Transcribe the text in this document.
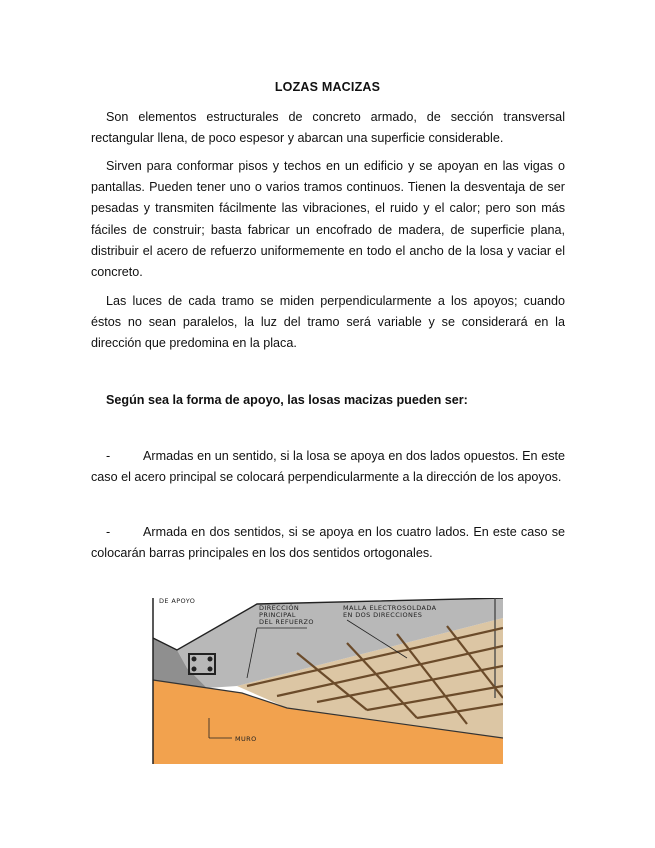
LOZAS MACIZAS

Son elementos estructurales de concreto armado, de sección transversal rectangular llena, de poco espesor y abarcan una superficie considerable.

Sirven para conformar pisos y techos en un edificio y se apoyan en las vigas o pantallas. Pueden tener uno o varios tramos continuos. Tienen la desventaja de ser pesadas y transmiten fácilmente las vibraciones, el ruido y el calor; pero son más fáciles de construir; basta fabricar un encofrado de madera, de superficie plana, distribuir el acero de refuerzo uniformemente en todo el ancho de la losa y vaciar el concreto.

Las luces de cada tramo se miden perpendicularmente a los apoyos; cuando éstos no sean paralelos, la luz del tramo será variable y se considerará en la dirección que predomina en la placa.

Según sea la forma de apoyo, las losas macizas pueden ser:

-	Armadas en un sentido, si la losa se apoya en dos lados opuestos. En este caso el acero principal se colocará perpendicularmente a la dirección de los apoyos.

-	Armada en dos sentidos, si se apoya en los cuatro lados. En este caso se colocarán barras principales en los dos sentidos ortogonales.

DE APOYO
DIRECCIÓN
PRINCIPAL
DEL REFUERZO
MALLA ELECTROSOLDADA
EN DOS DIRECCIONES
MURO
